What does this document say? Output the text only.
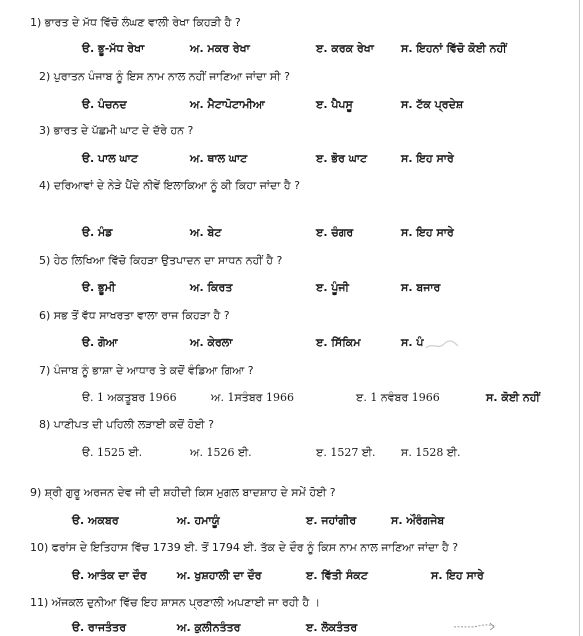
1) ਭਾਰਤ ਦੇ ਮੱਧ ਵਿੱਚੋ ਲੰਘਣ ਵਾਲੀ ਰੇਖਾ ਕਿਹੜੀ ਹੈ ?
ੳ. ਭੂ-ਮੱਧ ਰੇਖਾ	ਅ. ਮਕਰ ਰੇਖਾ	ੲ. ਕਰਕ ਰੇਖਾ ਸ. ਇਹਨਾਂ ਵਿੱਚੋ ਕੋਈ ਨਹੀਂ
2) ਪੁਰਾਤਨ ਪੰਜਾਬ ਨੂੰ ਇਸ ਨਾਮ ਨਾਲ ਨਹੀਂ ਜਾਣਿਆ ਜਾਂਦਾ ਸੀ ?
ੳ. ਪੰਚਨਦ	ਅ. ਮੈਟਾਪੋਟਾਮੀਆ	ੲ. ਪੈਪਸੂ	ਸ. ਟੱਕ ਪ੍ਰਦੇਸ਼
3) ਭਾਰਤ ਦੇ ਪੱਛਮੀ ਘਾਟ ਦੇ ਦੱਰੇ ਹਨ ?
ੳ. ਪਾਲ ਘਾਟ	ਅ. ਥਾਲ ਘਾਟ	ੲ. ਭੋਰ ਘਾਟ	ਸ. ਇਹ ਸਾਰੇ
4) ਦਰਿਆਵਾਂ ਦੇ ਨੇੜੇ ਪੈਂਦੇ ਨੀਵੇਂ ਇਲਾਕਿਆ ਨੂੰ ਕੀ ਕਿਹਾ ਜਾਂਦਾ ਹੈ ?
ੳ. ਮੰਡ	ਅ. ਬੇਟ	ੲ. ਚੰਗਰ	ਸ. ਇਹ ਸਾਰੇ
5) ਹੇਠ ਲਿਖਿਆ ਵਿੱਚੋ ਕਿਹੜਾ ਉਤਪਾਦਨ ਦਾ ਸਾਧਨ ਨਹੀਂ ਹੈ ?
ੳ. ਭੂਮੀ	ਅ. ਕਿਰਤ	ੲ. ਪੂੰਜੀ	ਸ. ਬਜਾਰ
6) ਸਭ ਤੋਂ ਵੱਧ ਸਾਖਰਤਾ ਵਾਲਾ ਰਾਜ ਕਿਹੜਾ ਹੈ ?
ੳ. ਗੋਆ	ਅ. ਕੇਰਲਾ	ੲ. ਸਿੱਕਿਮ	ਸ. ਪੰ
7) ਪੰਜਾਬ ਨੂੰ ਭਾਸ਼ਾ ਦੇ ਆਧਾਰ ਤੇ ਕਦੋਂ ਵੰਡਿਆ ਗਿਆ ?
ੳ. 1 ਅਕਤੂਬਰ 1966	ਅ. 1ਸਤੰਬਰ 1966	ੲ. 1 ਨਵੰਬਰ 1966	ਸ. ਕੋਈ ਨਹੀਂ
8) ਪਾਣੀਪਤ ਦੀ ਪਹਿਲੀ ਲੜਾਈ ਕਦੋਂ ਹੋਈ ?
ੳ. 1525 ਈ.	ਅ. 1526 ਈ.	ੲ. 1527 ਈ. ਸ. 1528 ਈ.
9) ਸ਼੍ਰੀ ਗੁਰੂ ਅਰਜਨ ਦੇਵ ਜੀ ਦੀ ਸ਼ਹੀਦੀ ਕਿਸ ਮੁਗਲ ਬਾਦਸ਼ਾਹ ਦੇ ਸਮੇਂ ਹੋਈ ?
ੳ. ਅਕਬਰ	ਅ. ਹਮਾਯੂੰ	ੲ. ਜਹਾਂਗੀਰ	ਸ. ਔਰੰਗਜੇਬ
10) ਫਰਾਂਸ ਦੇ ਇਤਿਹਾਸ ਵਿੱਚ 1739 ਈ. ਤੋਂ 1794 ਈ. ਤੱਕ ਦੇ ਦੌਰ ਨੂੰ ਕਿਸ ਨਾਮ ਨਾਲ ਜਾਣਿਆ ਜਾਂਦਾ ਹੈ ?
ੳ. ਆਤੰਕ ਦਾ ਦੌਰ	ਅ. ਖੁਸ਼ਹਾਲੀ ਦਾ ਦੌਰ	ੲ. ਵਿੱਤੀ ਸੰਕਟ	ਸ. ਇਹ ਸਾਰੇ
11) ਅੱਜਕਲ ਦੁਨੀਆ ਵਿੱਚ ਇਹ ਸ਼ਾਸਨ ਪ੍ਰਣਾਲੀ ਅਪਣਾਈ ਜਾ ਰਹੀ ਹੈ ।
ੳ. ਰਾਜਤੰਤਰ	ਅ. ਕੁਲੀਨਤੰਤਰ	ੲ. ਲੋਕਤੰਤਰ
